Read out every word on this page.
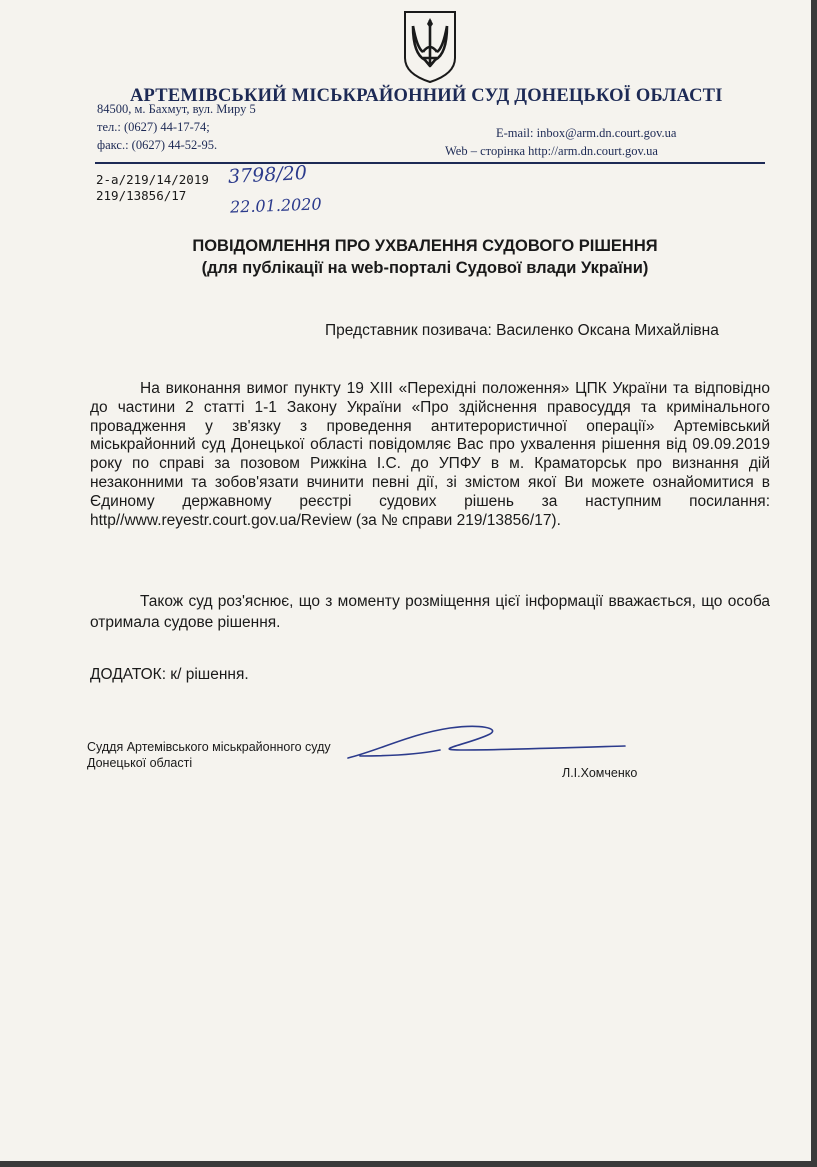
АРТЕМІВСЬКИЙ МІСЬКРАЙОННИЙ СУД ДОНЕЦЬКОЇ ОБЛАСТІ
84500, м. Бахмут, вул. Миру 5
тел.: (0627) 44-17-74;
факс.: (0627) 44-52-95.
E-mail: inbox@arm.dn.court.gov.ua
Web – сторінка http://arm.dn.court.gov.ua
2-а/219/14/2019
219/13856/17
3798/20
22.01.2020
ПОВІДОМЛЕННЯ ПРО УХВАЛЕННЯ СУДОВОГО РІШЕННЯ
(для публікації на web-порталі Судової влади України)
Представник позивача: Василенко Оксана Михайлівна

На виконання вимог пункту 19 ХІІІ «Перехідні положення» ЦПК України та відповідно до частини 2 статті 1-1 Закону України «Про здійснення правосуддя та кримінального провадження у зв'язку з проведення антитерористичної операції» Артемівський міськрайонний суд Донецької області повідомляє Вас про ухвалення рішення від 09.09.2019 року по справі за позовом Рижкіна І.С. до УПФУ в м. Краматорськ про визнання дій незаконними та зобов'язати вчинити певні дії, зі змістом якої Ви можете ознайомитися в Єдиному державному реєстрі судових рішень за наступним посилання: http//www.reyestr.court.gov.ua/Review (за № справи 219/13856/17).

Також суд роз'яснює, що з моменту розміщення цієї інформації вважається, що особа отримала судове рішення.

ДОДАТОК: к/ рішення.
Суддя Артемівського міськрайонного суду
Донецької області
Л.І.Хомченко
